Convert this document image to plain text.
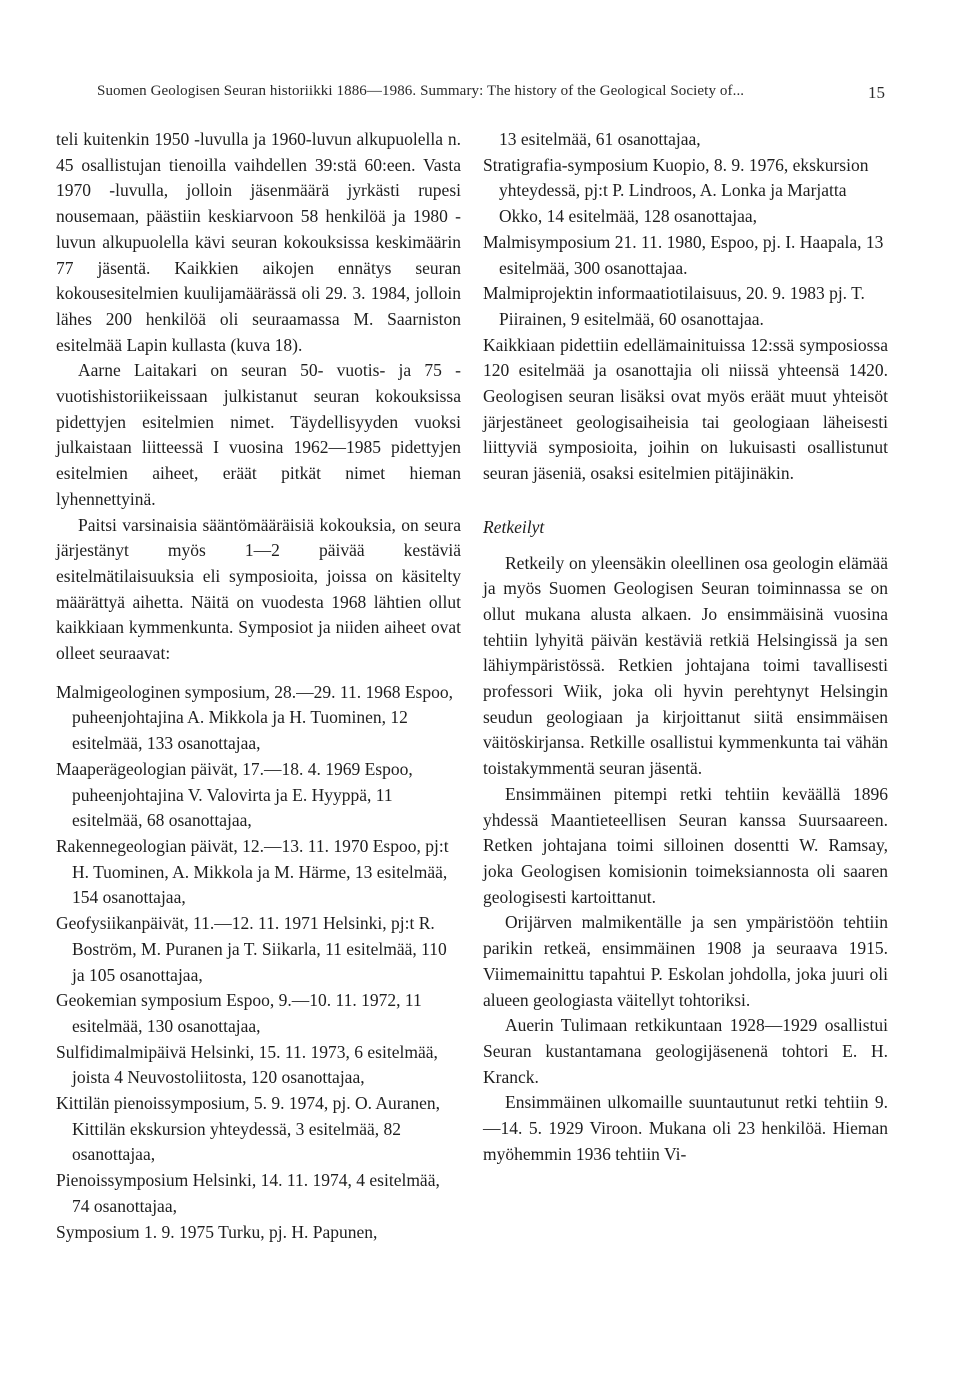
Suomen Geologisen Seuran historiikki 1886—1986. Summary: The history of the Geological Society of...	15

teli kuitenkin 1950 -luvulla ja 1960-luvun alkupuolella n. 45 osallistujan tienoilla vaihdellen 39:stä 60:een. Vasta 1970 -luvulla, jolloin jäsenmäärä jyrkästi rupesi nousemaan, päästiin keskiarvoon 58 henkilöä ja 1980 -luvun alkupuolella kävi seuran kokouksissa keskimäärin 77 jäsentä. Kaikkien aikojen ennätys seuran kokousesitelmien kuulijamäärässä oli 29. 3. 1984, jolloin lähes 200 henkilöä oli seuraamassa M. Saarniston esitelmää Lapin kullasta (kuva 18).

Aarne Laitakari on seuran 50- vuotis- ja 75 -vuotishistoriikeissaan julkistanut seuran kokouksissa pidettyjen esitelmien nimet. Täydellisyyden vuoksi julkaistaan liitteessä I vuosina 1962—1985 pidettyjen esitelmien aiheet, eräät pitkät nimet hieman lyhennettyinä.

Paitsi varsinaisia sääntömääräisiä kokouksia, on seura järjestänyt myös 1—2 päivää kestäviä esitelmätilaisuuksia eli symposioita, joissa on käsitelty määrättyä aihetta. Näitä on vuodesta 1968 lähtien ollut kaikkiaan kymmenkunta. Symposiot ja niiden aiheet ovat olleet seuraavat:

Malmigeologinen symposium, 28.—29. 11. 1968 Espoo, puheenjohtajina A. Mikkola ja H. Tuominen, 12 esitelmää, 133 osanottajaa,
Maaperägeologian päivät, 17.—18. 4. 1969 Espoo, puheenjohtajina V. Valovirta ja E. Hyyppä, 11 esitelmää, 68 osanottajaa,
Rakennegeologian päivät, 12.—13. 11. 1970 Espoo, pj:t H. Tuominen, A. Mikkola ja M. Härme, 13 esitelmää, 154 osanottajaa,
Geofysiikanpäivät, 11.—12. 11. 1971 Helsinki, pj:t R. Boström, M. Puranen ja T. Siikarla, 11 esitelmää, 110 ja 105 osanottajaa,
Geokemian symposium Espoo, 9.—10. 11. 1972, 11 esitelmää, 130 osanottajaa,
Sulfidimalmipäivä Helsinki, 15. 11. 1973, 6 esitelmää, joista 4 Neuvostoliitosta, 120 osanottajaa,
Kittilän pienoissymposium, 5. 9. 1974, pj. O. Auranen, Kittilän ekskursion yhteydessä, 3 esitelmää, 82 osanottajaa,
Pienoissymposium Helsinki, 14. 11. 1974, 4 esitelmää, 74 osanottajaa,
Symposium 1. 9. 1975 Turku, pj. H. Papunen,
13 esitelmää, 61 osanottajaa,
Stratigrafia-symposium Kuopio, 8. 9. 1976, ekskursion yhteydessä, pj:t P. Lindroos, A. Lonka ja Marjatta Okko, 14 esitelmää, 128 osanottajaa,
Malmisymposium 21. 11. 1980, Espoo, pj. I. Haapala, 13 esitelmää, 300 osanottajaa.
Malmiprojektin informaatiotilaisuus, 20. 9. 1983 pj. T. Piirainen, 9 esitelmää, 60 osanottajaa.

Kaikkiaan pidettiin edellämainituissa 12:ssä symposiossa 120 esitelmää ja osanottajia oli niissä yhteensä 1420. Geologisen seuran lisäksi ovat myös eräät muut yhteisöt järjestäneet geologisaiheisia tai geologiaan läheisesti liittyviä symposioita, joihin on lukuisasti osallistunut seuran jäseniä, osaksi esitelmien pitäjinäkin.

Retkeilyt

Retkeily on yleensäkin oleellinen osa geologin elämää ja myös Suomen Geologisen Seuran toiminnassa se on ollut mukana alusta alkaen. Jo ensimmäisinä vuosina tehtiin lyhyitä päivän kestäviä retkiä Helsingissä ja sen lähiympäristössä. Retkien johtajana toimi tavallisesti professori Wiik, joka oli hyvin perehtynyt Helsingin seudun geologiaan ja kirjoittanut siitä ensimmäisen väitöskirjansa. Retkille osallistui kymmenkunta tai vähän toistakymmentä seuran jäsentä.

Ensimmäinen pitempi retki tehtiin keväällä 1896 yhdessä Maantieteellisen Seuran kanssa Suursaareen. Retken johtajana toimi silloinen dosentti W. Ramsay, joka Geologisen komisionin toimeksiannosta oli saaren geologisesti kartoittanut.

Orijärven malmikentälle ja sen ympäristöön tehtiin parikin retkeä, ensimmäinen 1908 ja seuraava 1915. Viimemainittu tapahtui P. Eskolan johdolla, joka juuri oli alueen geologiasta väitellyt tohtoriksi.

Auerin Tulimaan retkikuntaan 1928—1929 osallistui Seuran kustantamana geologijäsenenä tohtori E. H. Kranck.

Ensimmäinen ulkomaille suuntautunut retki tehtiin 9.—14. 5. 1929 Viroon. Mukana oli 23 henkilöä. Hieman myöhemmin 1936 tehtiin Vi-
